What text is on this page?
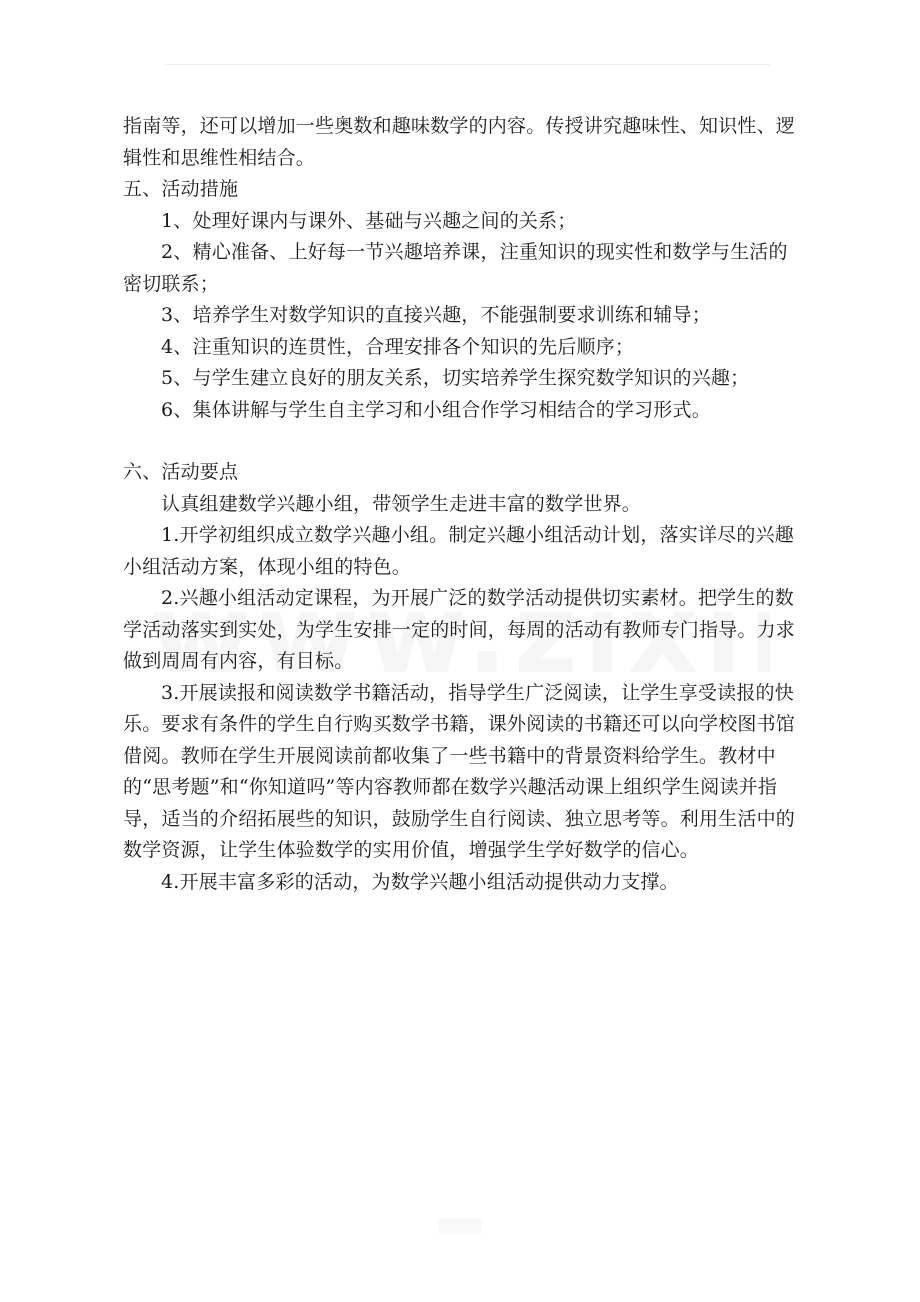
指南等，还可以增加一些奥数和趣味数学的内容。传授讲究趣味性、知识性、逻辑性和思维性相结合。

五、活动措施

1、处理好课内与课外、基础与兴趣之间的关系；

2、精心准备、上好每一节兴趣培养课，注重知识的现实性和数学与生活的密切联系；

3、培养学生对数学知识的直接兴趣，不能强制要求训练和辅导；

4、注重知识的连贯性，合理安排各个知识的先后顺序；

5、与学生建立良好的朋友关系，切实培养学生探究数学知识的兴趣；

6、集体讲解与学生自主学习和小组合作学习相结合的学习形式。

六、活动要点

认真组建数学兴趣小组，带领学生走进丰富的数学世界。

1.开学初组织成立数学兴趣小组。制定兴趣小组活动计划，落实详尽的兴趣小组活动方案，体现小组的特色。

2.兴趣小组活动定课程，为开展广泛的数学活动提供切实素材。把学生的数学活动落实到实处，为学生安排一定的时间，每周的活动有教师专门指导。力求做到周周有内容，有目标。

3.开展读报和阅读数学书籍活动，指导学生广泛阅读，让学生享受读报的快乐。要求有条件的学生自行购买数学书籍，课外阅读的书籍还可以向学校图书馆借阅。教师在学生开展阅读前都收集了一些书籍中的背景资料给学生。教材中的“思考题”和“你知道吗”等内容教师都在数学兴趣活动课上组织学生阅读并指导，适当的介绍拓展些的知识，鼓励学生自行阅读、独立思考等。利用生活中的数学资源，让学生体验数学的实用价值，增强学生学好数学的信心。

4.开展丰富多彩的活动，为数学兴趣小组活动提供动力支撑。
